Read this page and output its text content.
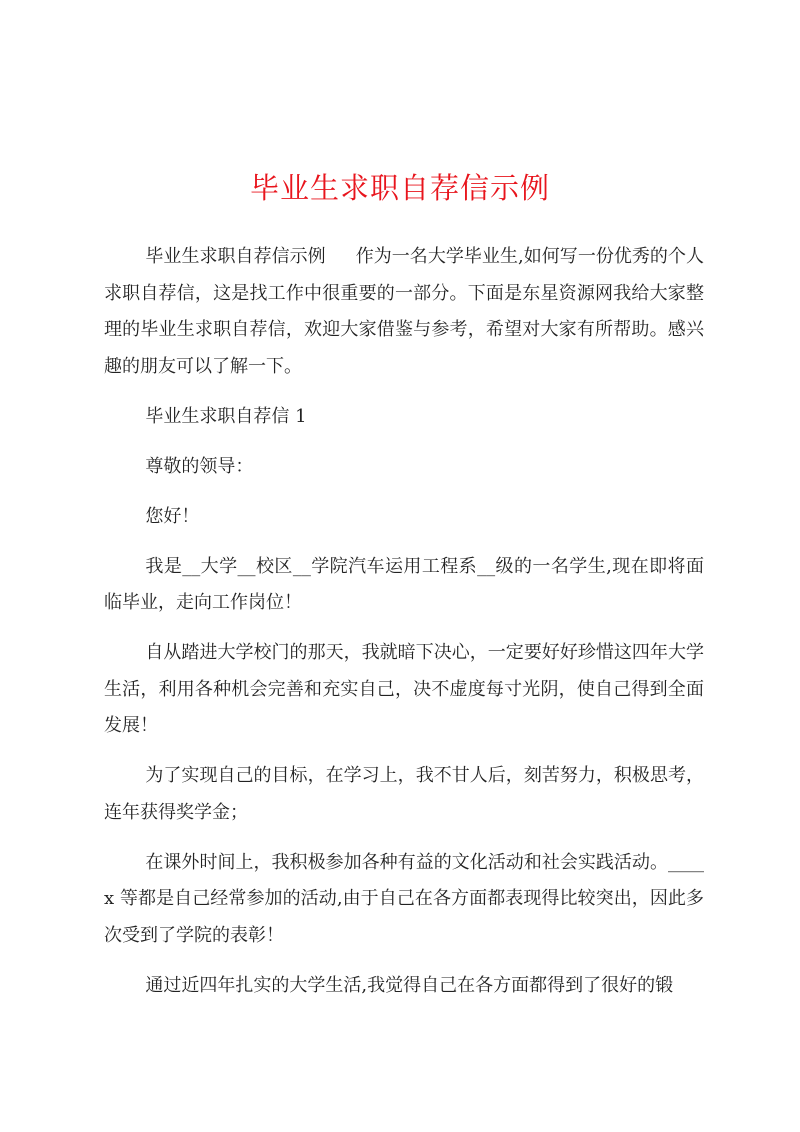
毕业生求职自荐信示例

毕业生求职自荐信示例 作为一名大学毕业生,如何写一份优秀的个人求职自荐信，这是找工作中很重要的一部分。下面是东星资源网我给大家整理的毕业生求职自荐信，欢迎大家借鉴与参考，希望对大家有所帮助。感兴趣的朋友可以了解一下。

毕业生求职自荐信 1

尊敬的领导：

您好！

我是__大学__校区__学院汽车运用工程系__级的一名学生,现在即将面临毕业，走向工作岗位！

自从踏进大学校门的那天，我就暗下决心，一定要好好珍惜这四年大学生活，利用各种机会完善和充实自己，决不虚度每寸光阴，使自己得到全面发展！

为了实现自己的目标，在学习上，我不甘人后，刻苦努力，积极思考，连年获得奖学金；

在课外时间上，我积极参加各种有益的文化活动和社会实践活动。____x 等都是自己经常参加的活动,由于自己在各方面都表现得比较突出，因此多次受到了学院的表彰！

通过近四年扎实的大学生活,我觉得自己在各方面都得到了很好的锻
